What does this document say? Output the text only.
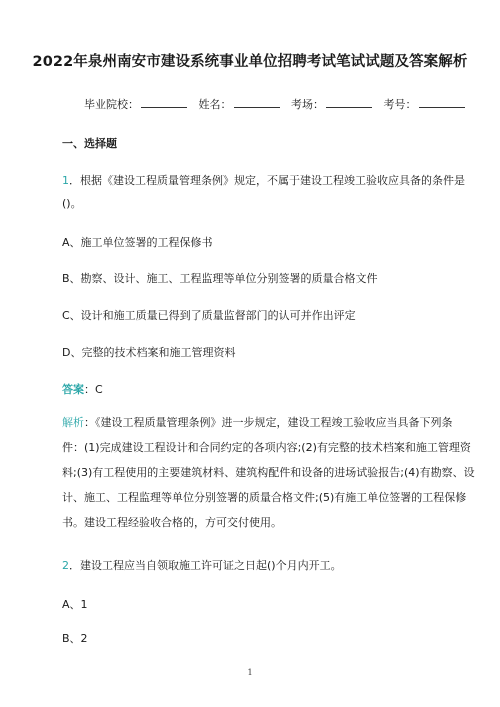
2022年泉州南安市建设系统事业单位招聘考试笔试试题及答案解析
毕业院校：	姓名：	考场：	考号：
一、选择题
1．根据《建设工程质量管理条例》规定，不属于建设工程竣工验收应具备的条件是
()。
A、施工单位签署的工程保修书
B、勘察、设计、施工、工程监理等单位分别签署的质量合格文件
C、设计和施工质量已得到了质量监督部门的认可并作出评定
D、完整的技术档案和施工管理资料
答案：C
解析：《建设工程质量管理条例》进一步规定，建设工程竣工验收应当具备下列条
件：(1)完成建设工程设计和合同约定的各项内容;(2)有完整的技术档案和施工管理资
料;(3)有工程使用的主要建筑材料、建筑构配件和设备的进场试验报告;(4)有勘察、设
计、施工、工程监理等单位分别签署的质量合格文件;(5)有施工单位签署的工程保修
书。建设工程经验收合格的，方可交付使用。
2．建设工程应当自领取施工许可证之日起()个月内开工。
A、1
B、2
1
